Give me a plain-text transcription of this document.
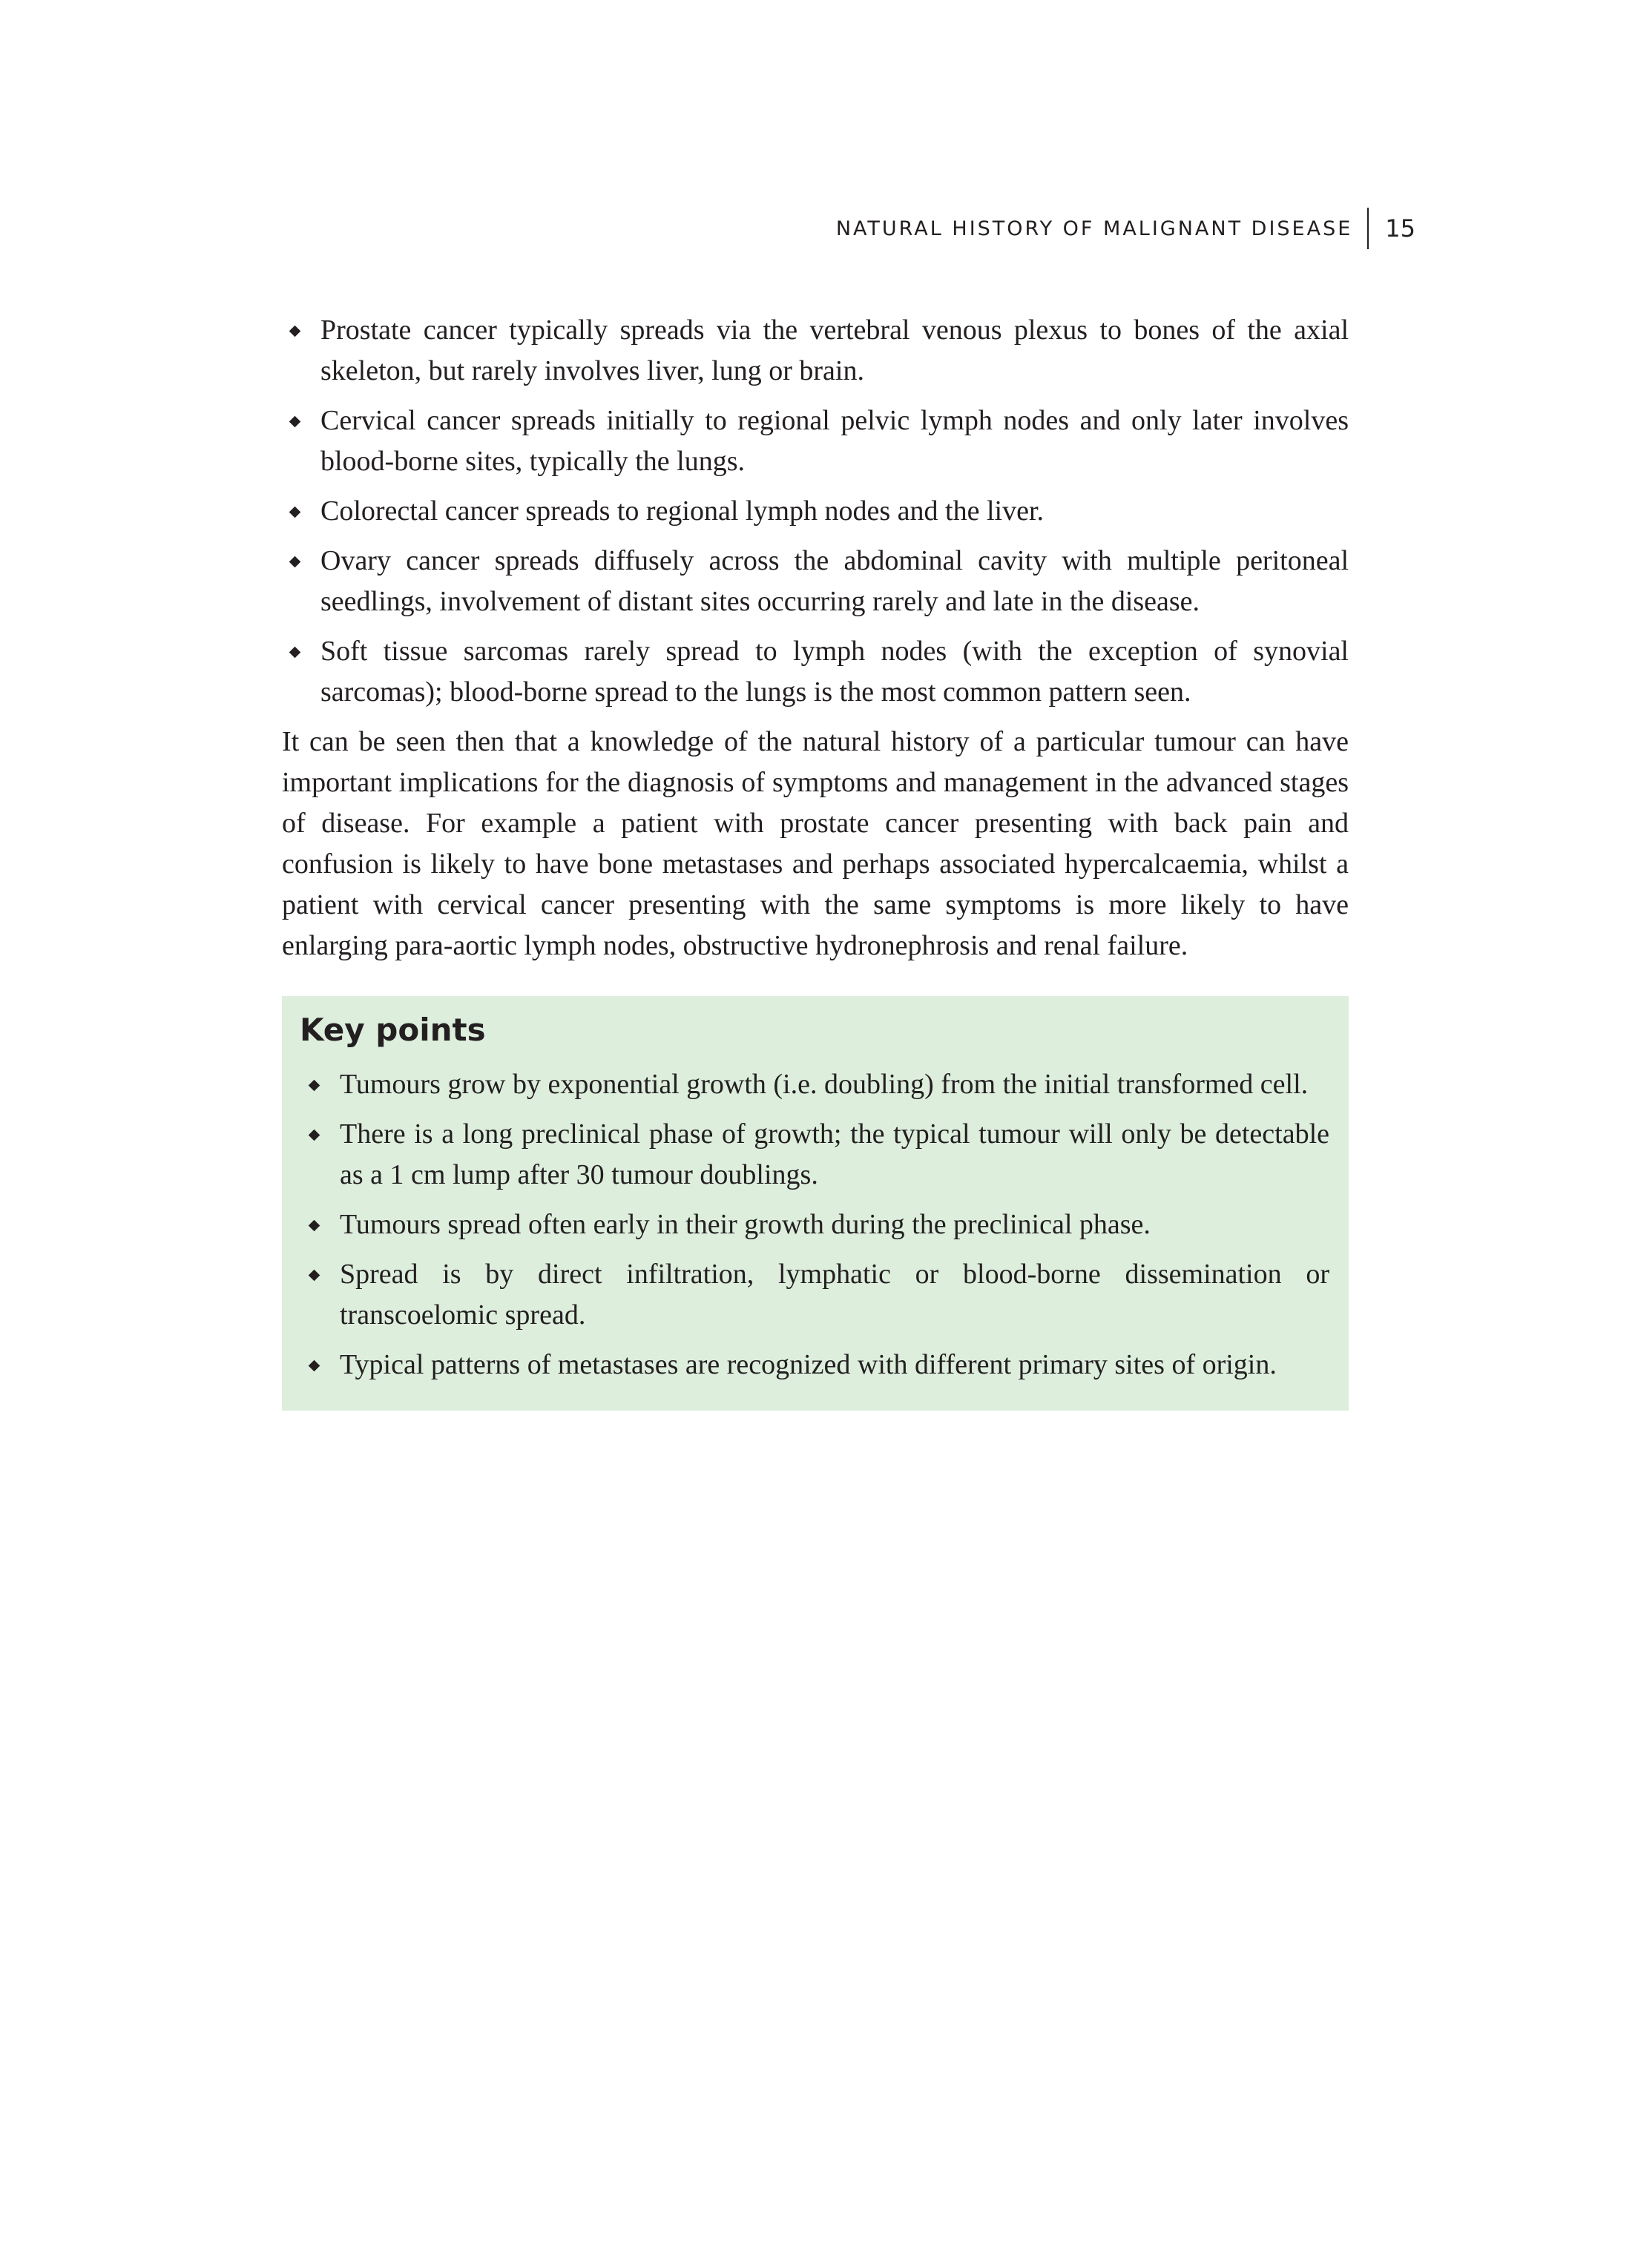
NATURAL HISTORY OF MALIGNANT DISEASE	15
Prostate cancer typically spreads via the vertebral venous plexus to bones of the axial skeleton, but rarely involves liver, lung or brain.
Cervical cancer spreads initially to regional pelvic lymph nodes and only later involves blood-borne sites, typically the lungs.
Colorectal cancer spreads to regional lymph nodes and the liver.
Ovary cancer spreads diffusely across the abdominal cavity with multiple peritoneal seedlings, involvement of distant sites occurring rarely and late in the disease.
Soft tissue sarcomas rarely spread to lymph nodes (with the exception of synovial sarcomas); blood-borne spread to the lungs is the most common pattern seen.

It can be seen then that a knowledge of the natural history of a particular tumour can have important implications for the diagnosis of symptoms and management in the advanced stages of disease. For example a patient with prostate cancer presenting with back pain and confusion is likely to have bone metastases and perhaps associated hypercalcaemia, whilst a patient with cervical cancer presenting with the same symptoms is more likely to have enlarging para-aortic lymph nodes, obstructive hydronephrosis and renal failure.

Key points
Tumours grow by exponential growth (i.e. doubling) from the initial transformed cell.
There is a long preclinical phase of growth; the typical tumour will only be detectable as a 1 cm lump after 30 tumour doublings.
Tumours spread often early in their growth during the preclinical phase.
Spread is by direct infiltration, lymphatic or blood-borne dissemination or transcoelomic spread.
Typical patterns of metastases are recognized with different primary sites of origin.
